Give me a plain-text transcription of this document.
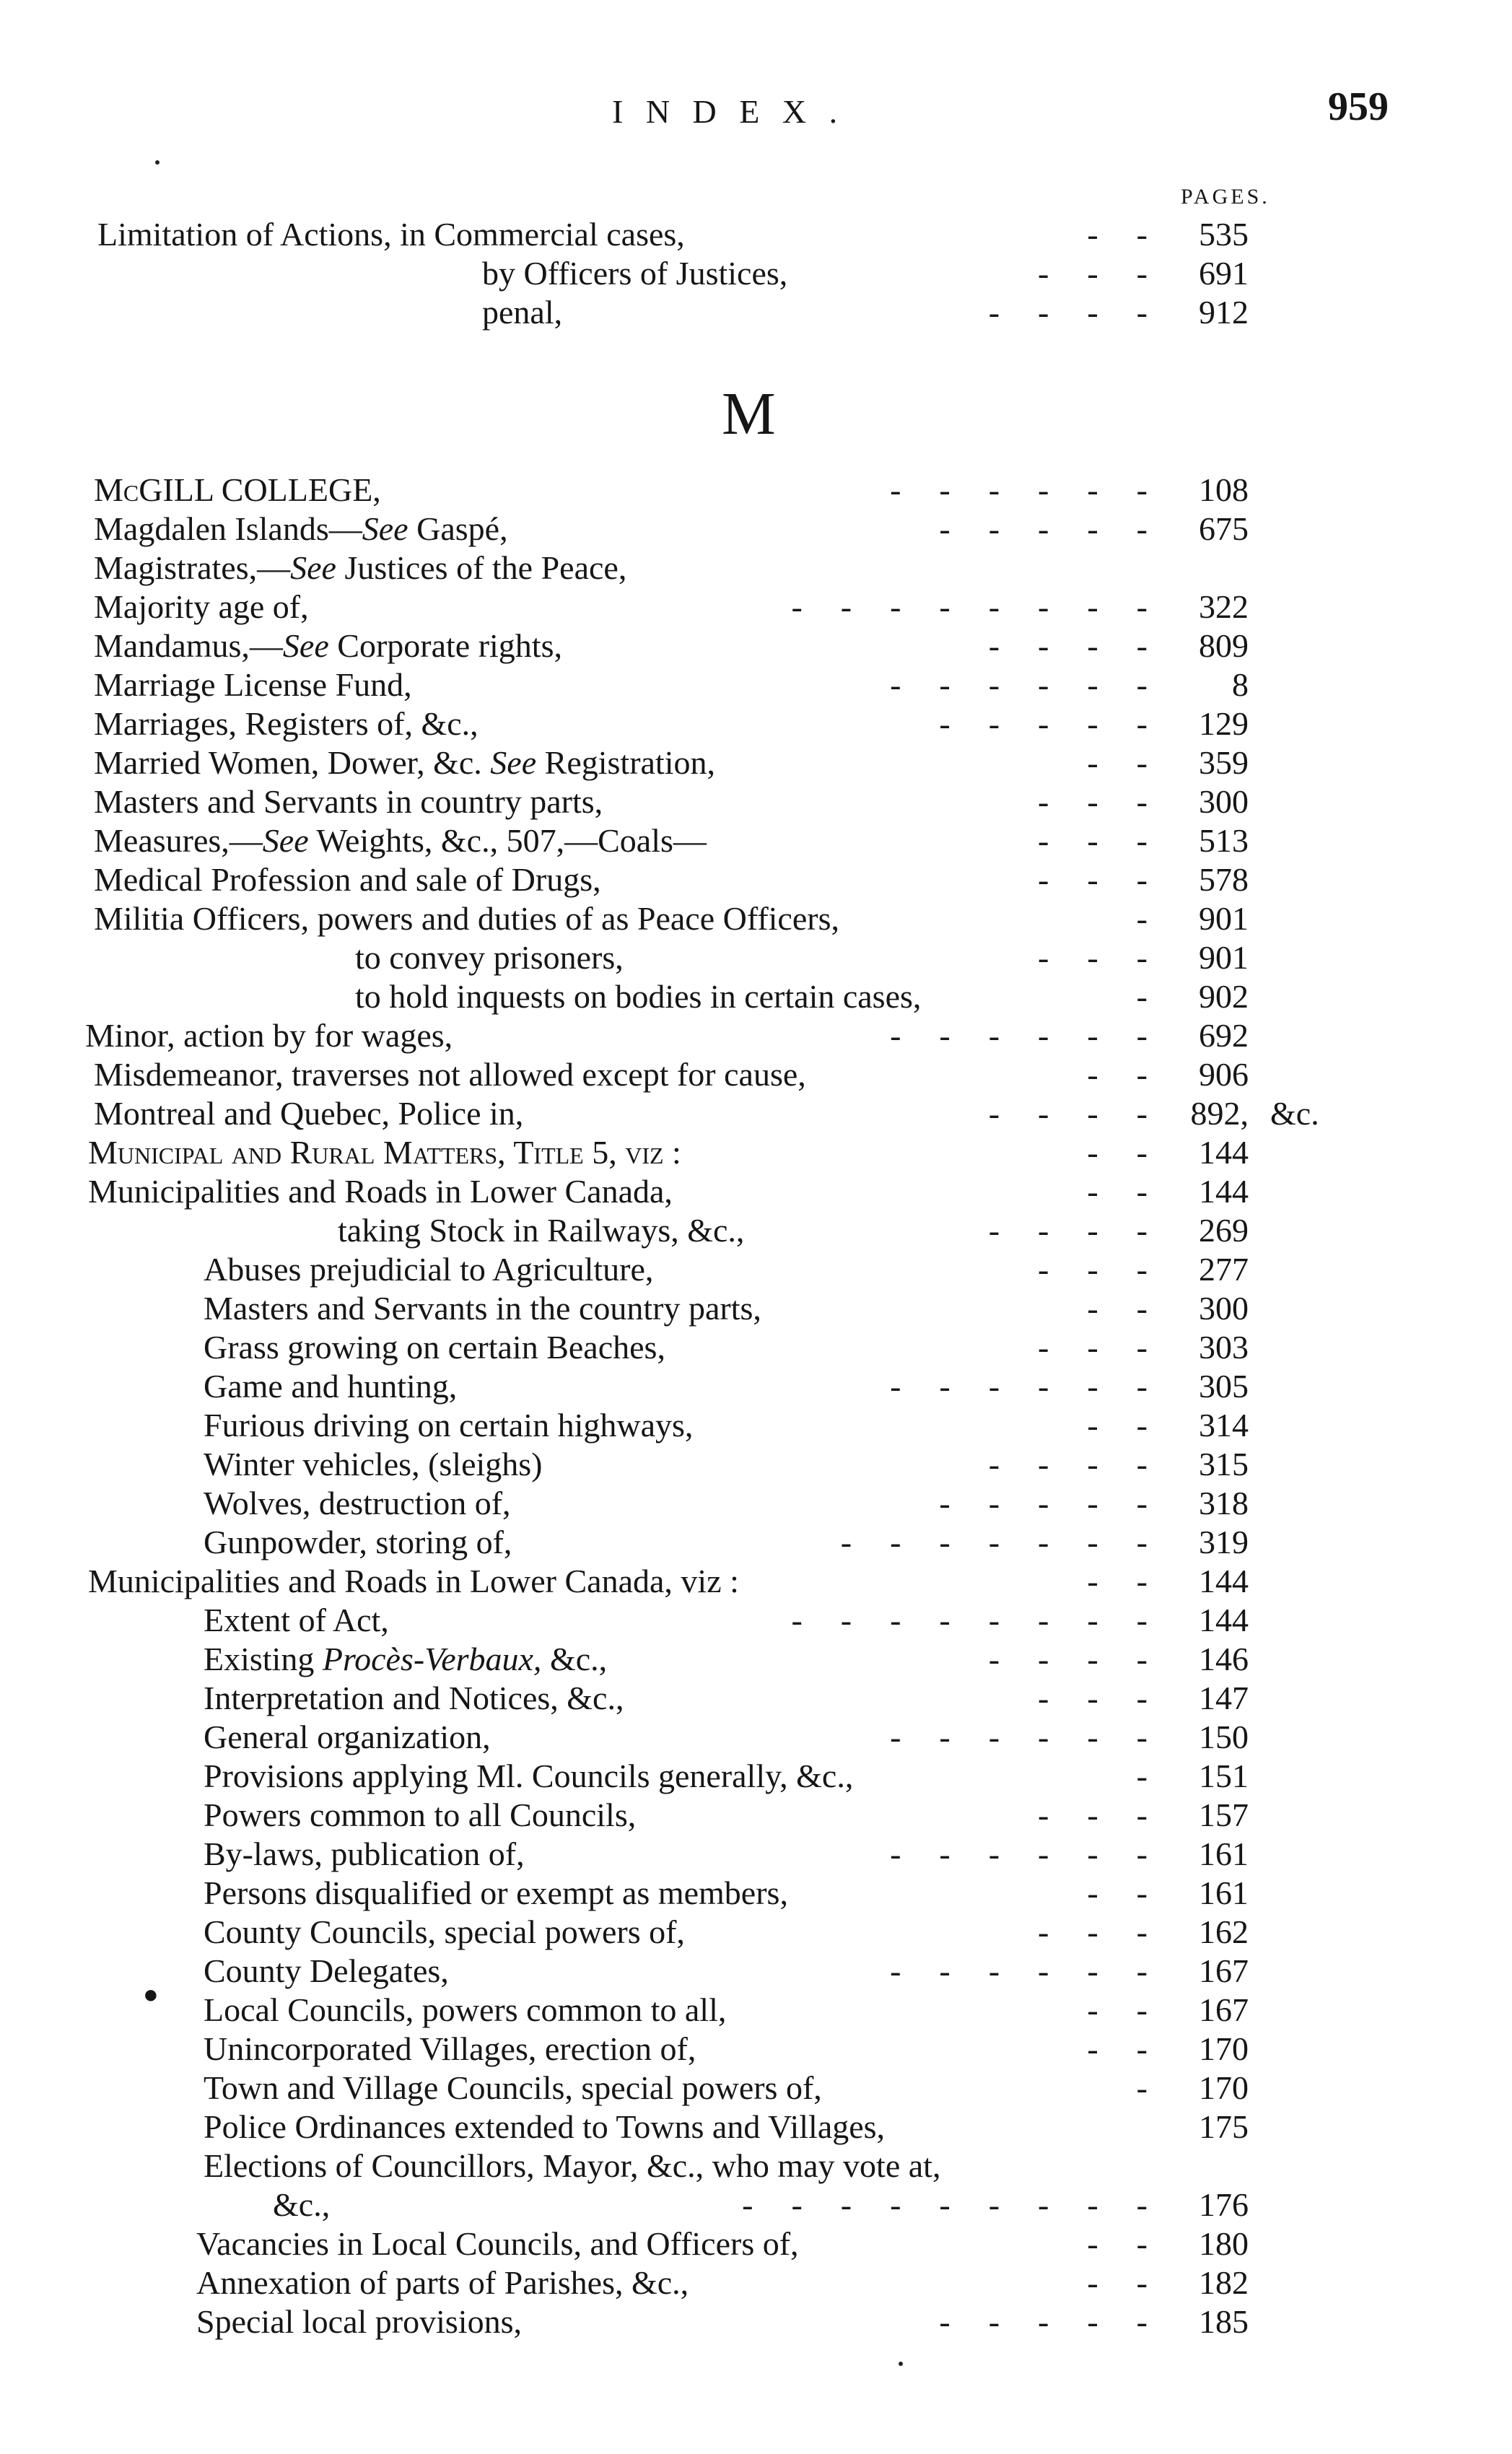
I N D E X .	959
PAGES.
Limitation of Actions, in Commercial cases,	-  - 535
by Officers of Justices,	-  -  - 691
penal,	-  -  -  - 912
M
McGILL COLLEGE,	-  -  -  -  -  - 108
Magdalen Islands—See Gaspé,	-  -  -  -  - 675
Magistrates,—See Justices of the Peace,
Majority age of,	-  -  -  -  -  -  -  - 322
Mandamus,—See Corporate rights,	-  -  -  - 809
Marriage License Fund,	-  -  -  -  -  - 8
Marriages, Registers of, &c.,	-  -  -  -  - 129
Married Women, Dower, &c. See Registration,	-  - 359
Masters and Servants in country parts,	-  -  - 300
Measures,—See Weights, &c., 507,—Coals—	-  -  - 513
Medical Profession and sale of Drugs,	-  -  - 578
Militia Officers, powers and duties of as Peace Officers,	- 901
to convey prisoners,	-  -  - 901
to hold inquests on bodies in certain cases,	- 902
Minor, action by for wages,	-  -  -  -  -  - 692
Misdemeanor, traverses not allowed except for cause,	-  - 906
Montreal and Quebec, Police in,	-  -  -  - 892, &c.
Municipal and Rural Matters, Title 5, viz :	-  - 144
Municipalities and Roads in Lower Canada,	-  - 144
taking Stock in Railways, &c.,	-  -  -  - 269
Abuses prejudicial to Agriculture,	-  -  - 277
Masters and Servants in the country parts,	-  - 300
Grass growing on certain Beaches,	-  -  - 303
Game and hunting,	-  -  -  -  -  - 305
Furious driving on certain highways,	-  - 314
Winter vehicles, (sleighs)	-  -  -  - 315
Wolves, destruction of,	-  -  -  -  - 318
Gunpowder, storing of,	-  -  -  -  -  -  - 319
Municipalities and Roads in Lower Canada, viz :	-  - 144
Extent of Act,	-  -  -  -  -  -  -  - 144
Existing Procès-Verbaux, &c.,	-  -  -  - 146
Interpretation and Notices, &c.,	-  -  - 147
General organization,	-  -  -  -  -  - 150
Provisions applying Ml. Councils generally, &c.,	- 151
Powers common to all Councils,	-  -  - 157
By-laws, publication of,	-  -  -  -  -  - 161
Persons disqualified or exempt as members,	-  - 161
County Councils, special powers of,	-  -  - 162
County Delegates,	-  -  -  -  -  - 167
Local Councils, powers common to all,	-  - 167
Unincorporated Villages, erection of,	-  - 170
Town and Village Councils, special powers of,	- 170
Police Ordinances extended to Towns and Villages,	175
Elections of Councillors, Mayor, &c., who may vote at,
&c.,	-  -  -  -  -  -  -  -  - 176
Vacancies in Local Councils, and Officers of,	-  - 180
Annexation of parts of Parishes, &c.,	-  - 182
Special local provisions,	-  -  -  -  - 185
●
